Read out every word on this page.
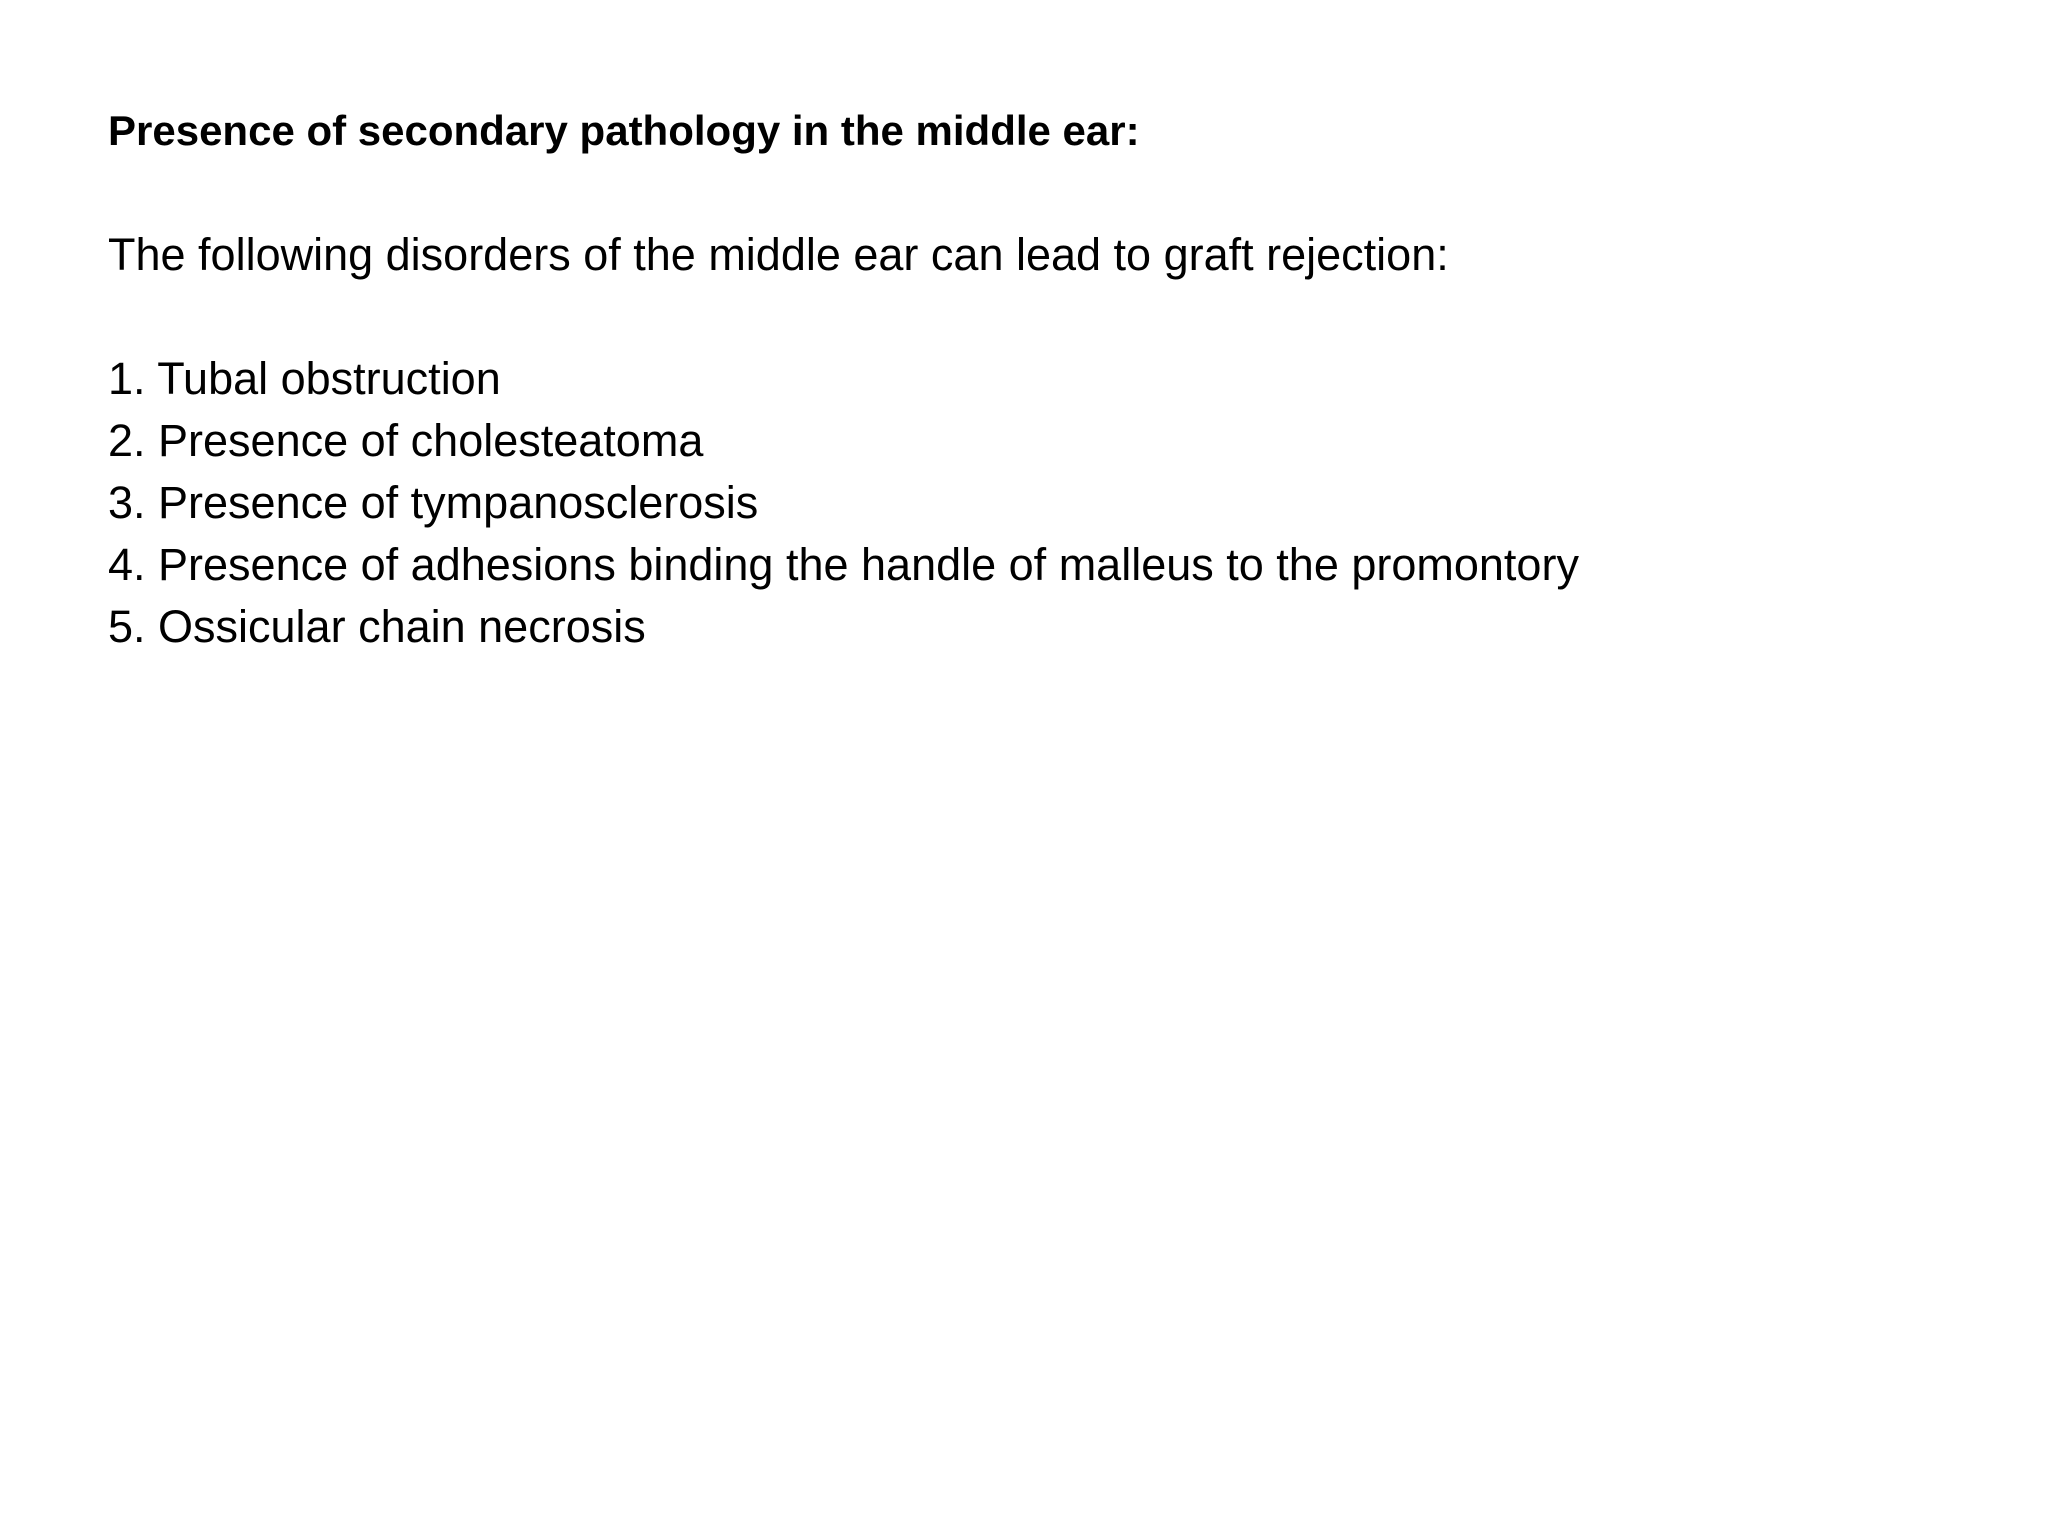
Presence of secondary pathology in the middle ear:

The following disorders of the middle ear can lead to graft rejection:

1. Tubal obstruction
2. Presence of cholesteatoma
3. Presence of tympanosclerosis
4. Presence of adhesions binding the handle of malleus to the promontory
5. Ossicular chain necrosis
